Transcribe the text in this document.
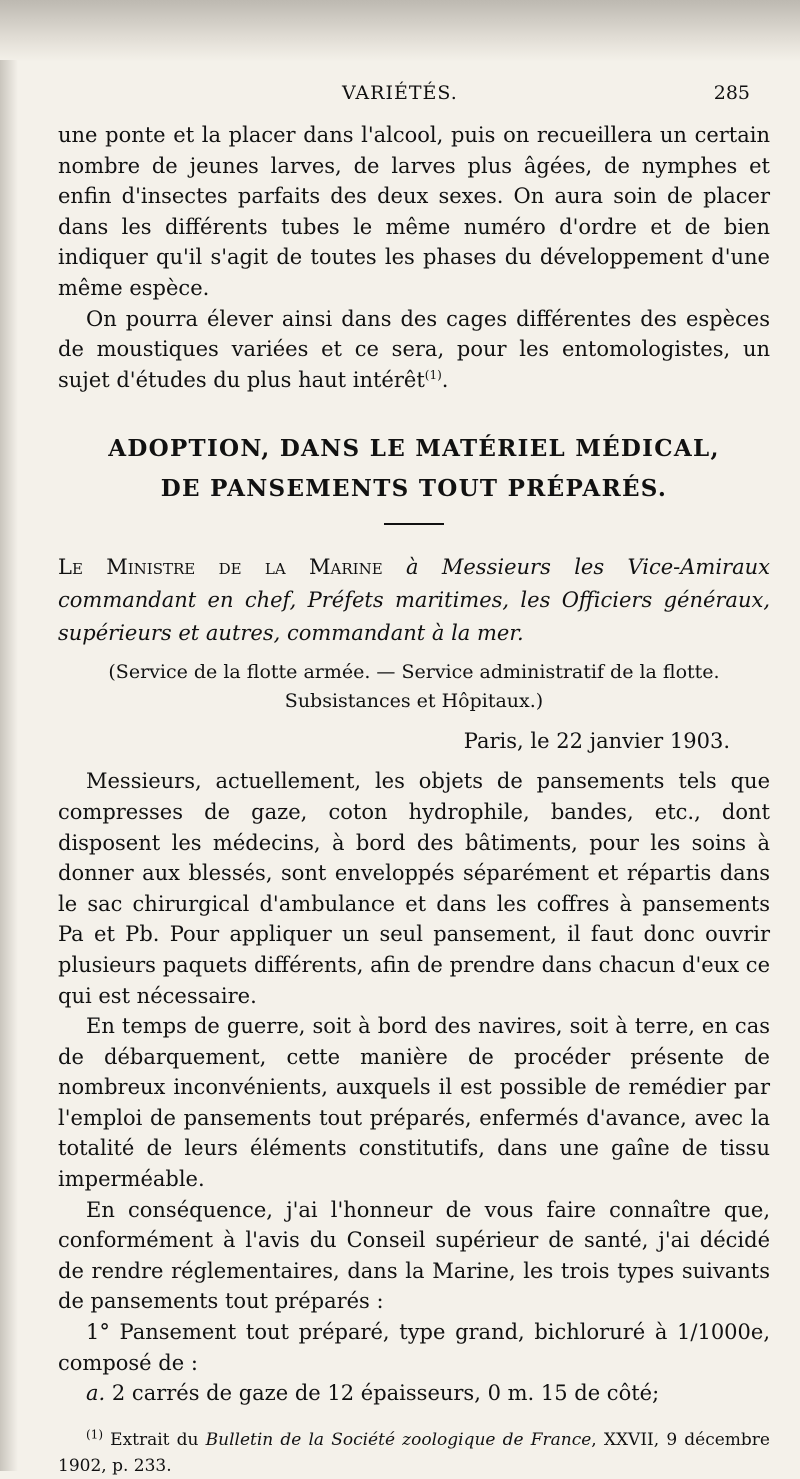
VARIÉTÉS.	285

une ponte et la placer dans l'alcool, puis on recueillera un certain nombre de jeunes larves, de larves plus âgées, de nymphes et enfin d'insectes parfaits des deux sexes. On aura soin de placer dans les différents tubes le même numéro d'ordre et de bien indiquer qu'il s'agit de toutes les phases du développement d'une même espèce.

On pourra élever ainsi dans des cages différentes des espèces de moustiques variées et ce sera, pour les entomologistes, un sujet d'études du plus haut intérêt$^{(1)}$.

ADOPTION, DANS LE MATÉRIEL MÉDICAL,
DE PANSEMENTS TOUT PRÉPARÉS.

Le Ministre de la Marine à Messieurs les Vice-Amiraux commandant en chef, Préfets maritimes, les Officiers généraux, supérieurs et autres, commandant à la mer.

(Service de la flotte armée. — Service administratif de la flotte.
Subsistances et Hôpitaux.)
Paris, le 22 janvier 1903.

Messieurs, actuellement, les objets de pansements tels que compresses de gaze, coton hydrophile, bandes, etc., dont disposent les médecins, à bord des bâtiments, pour les soins à donner aux blessés, sont enveloppés séparément et répartis dans le sac chirurgical d'ambulance et dans les coffres à pansements Pa et Pb. Pour appliquer un seul pansement, il faut donc ouvrir plusieurs paquets différents, afin de prendre dans chacun d'eux ce qui est nécessaire.

En temps de guerre, soit à bord des navires, soit à terre, en cas de débarquement, cette manière de procéder présente de nombreux inconvénients, auxquels il est possible de remédier par l'emploi de pansements tout préparés, enfermés d'avance, avec la totalité de leurs éléments constitutifs, dans une gaîne de tissu imperméable.

En conséquence, j'ai l'honneur de vous faire connaître que, conformément à l'avis du Conseil supérieur de santé, j'ai décidé de rendre réglementaires, dans la Marine, les trois types suivants de pansements tout préparés :

1° Pansement tout préparé, type grand, bichloruré à 1/1000e, composé de :

a. 2 carrés de gaze de 12 épaisseurs, 0 m. 15 de côté;

$^{(1)}$ Extrait du Bulletin de la Société zoologique de France, XXVII, 9 décembre 1902, p. 233.
